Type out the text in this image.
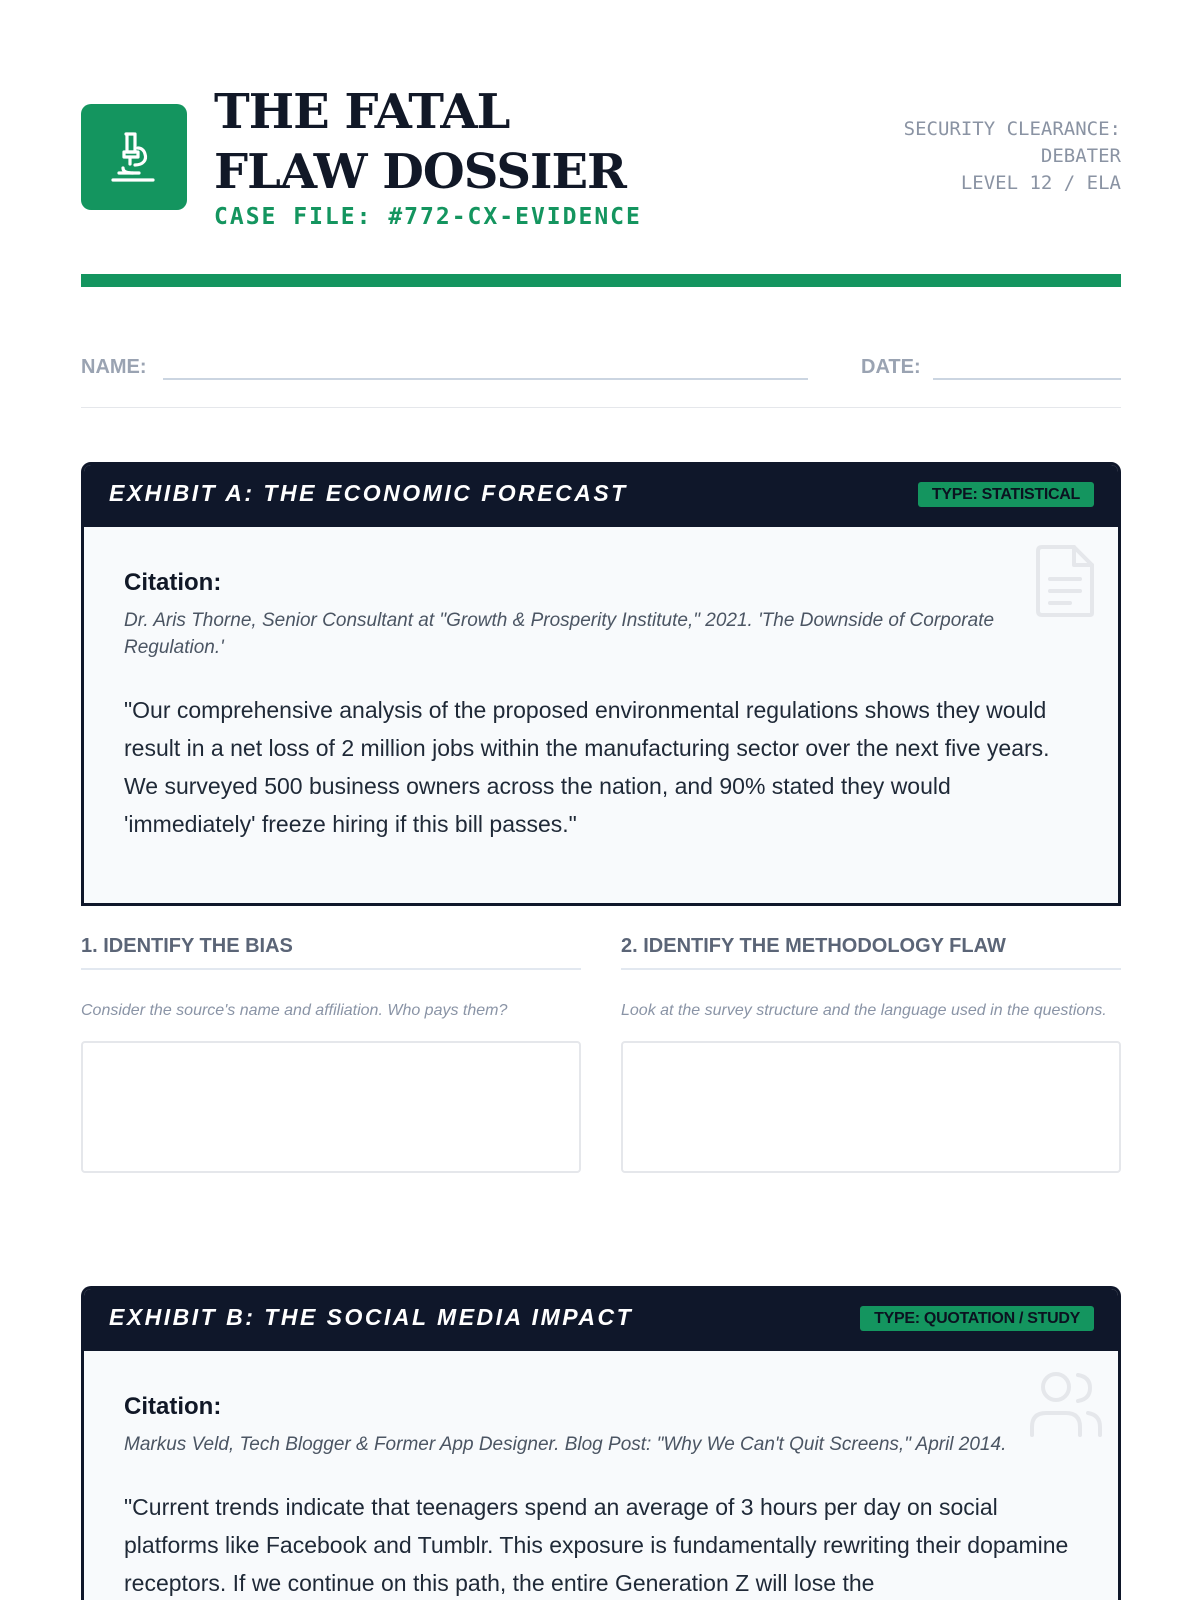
THE FATAL FLAW DOSSIER
CASE FILE: #772-CX-EVIDENCE
SECURITY CLEARANCE:
DEBATER
LEVEL 12 / ELA
NAME:	DATE:
EXHIBIT A: THE ECONOMIC FORECAST	TYPE: STATISTICAL
Citation:
Dr. Aris Thorne, Senior Consultant at "Growth & Prosperity Institute," 2021. 'The Downside of Corporate Regulation.'
"Our comprehensive analysis of the proposed environmental regulations shows they would result in a net loss of 2 million jobs within the manufacturing sector over the next five years. We surveyed 500 business owners across the nation, and 90% stated they would 'immediately' freeze hiring if this bill passes."
1. IDENTIFY THE BIAS
Consider the source's name and affiliation. Who pays them?
2. IDENTIFY THE METHODOLOGY FLAW
Look at the survey structure and the language used in the questions.
EXHIBIT B: THE SOCIAL MEDIA IMPACT	TYPE: QUOTATION / STUDY
Citation:
Markus Veld, Tech Blogger & Former App Designer. Blog Post: "Why We Can't Quit Screens," April 2014.
"Current trends indicate that teenagers spend an average of 3 hours per day on social platforms like Facebook and Tumblr. This exposure is fundamentally rewriting their dopamine receptors. If we continue on this path, the entire Generation Z will lose the
